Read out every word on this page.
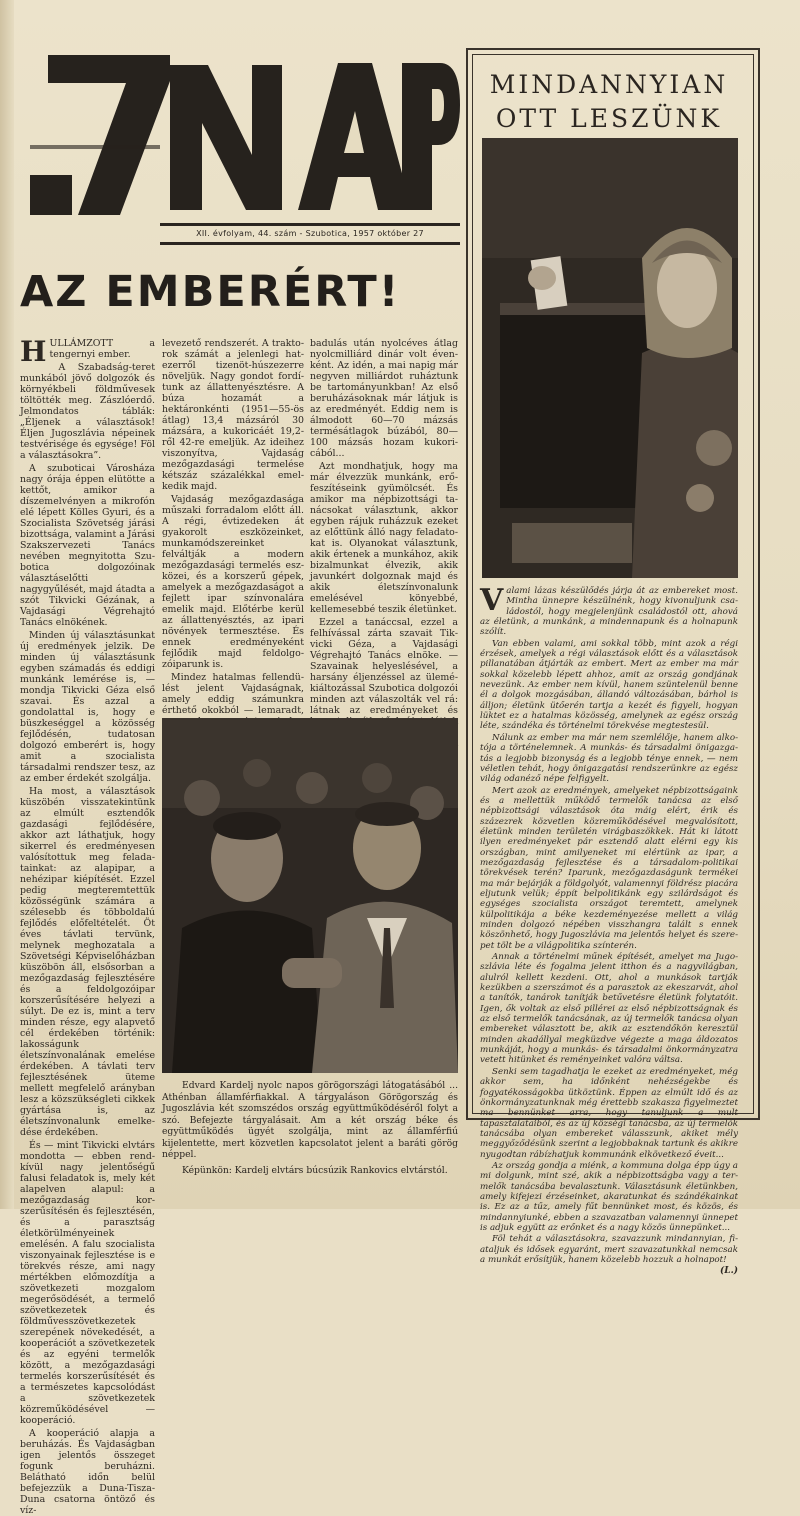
XII. évfolyam, 44. szám - Szubotica, 1957 október 27
AZ EMBERÉRT!

HULLÁMZOTT a tengernyi ember.

A Szabadság-teret munkából jövő dolgozók és környékbeli földművesek töltötték meg. Zászlóerdő. Jelmondatos táblák: „Éljenek a választások! Éljen Jugoszlávia népeinek testvérisége és egysége! Föl a választásokra”.

A szuboticai Városháza nagy órája éppen elütötte a kettőt, amikor a díszemelvényen a mikrofón elé lépett Kölles Gyuri, és a Szocialista Szövetség járási bizottsága, valamint a Járási Szakszervezeti Tanács nevében megnyitotta Szubotica dolgozóinak választáselőtti nagygyűlését, majd átadta a szót Tikvicki Gézának, a Vajdasági Végrehajtó Tanács elnökének.

Minden új választásunkat új eredmények jelzik. De minden új választásunk egyben számadás és eddigi munkánk lemérése is, — mondja Tikvicki Géza első szavai. És azzal a gondolattal is, hogy e büszkeséggel a közösség fejlődésén, tudatosan dolgozó emberért is, hogy amit a szocialista társadalmi rendszer tesz, az az ember érdekét szolgálja.

Ha most, a választások küszöbén visszatekintünk az elmúlt esztendők gazdasági fejlődésére, akkor azt láthatjuk, hogy sikerrel és eredményesen valósítottuk meg feladatainkat: az alapipar, a nehézipar kiépítését. Ezzel pedig megteremtettük közösségünk számára a szélesebb és többoldalú fejlődés előfeltételét. Öt éves távlati tervünk, melynek meghozatala a Szövetségi Képviselőházban küszöbön áll, elsősorban a mezőgazdaság fejlesztésére és a feldolgozóipar korszerűsítésére helyezi a súlyt. De ez is, mint a terv minden része, egy alapvető cél érdekében történik: lakosságunk életszínvonalának emelése érdekében. A távlati terv fejlesztésének üteme mellett megfelelő arányban lesz a közszükségleti cikkek gyártása is, az életszínvonalunk emelkedése érdekében.

És — mint Tikvicki elvtárs mondotta — ebben rendkívül nagy jelentőségű falusi feladatok is, mely két alapelven alapul: a mezőgazdaság korszerűsítésén és fejlesztésén, és a parasztság életkörülményeinek emelésén. A falu szocialista viszonyainak fejlesztése is e törekvés része, ami nagy mértékben előmozdítja a szövetkezeti mozgalom megerősödését, a termelő szövetkezetek és földművesszövetkezetek szerepének növekedését, a kooperációt a szövetkezetek és az egyéni termelők között, a mezőgazdasági termelés korszerűsítését és a természetes kapcsolódást a szövetkezetek közreműködésével — kooperáció.

A kooperáció alapja a beruházás. És Vajdaságban igen jelentős összeget fogunk beruházni. Belátható időn belül befejezzük a Duna-Tisza-Duna csatorna öntöző és víz-

levezető rendszerét. A traktorok számát a jelenlegi hatezerről tizenöt-húszezerre növeljük. Nagy gondot fordítunk az állattenyésztésre. A búza hozamát a hektáronkénti (1951—55-ös átlag) 13,4 mázsáról 30 mázsára, a kukoricáét 19,2-ről 42-re emeljük. Az ideihez viszonyítva, Vajdaság mezőgazdasági termelése kétszáz százalékkal emelkedik majd.

Vajdaság mezőgazdasága műszaki forradalom előtt áll. A régi, évtizedeken át gyakorolt eszközeinket, munkamódszereinket felváltják a modern mezőgazdasági termelés eszközei, és a korszerű gépek, amelyek a mezőgazdaságot a fejlett ipar színvonalára emelik majd. Előtérbe kerül az állattenyésztés, az ipari növények termesztése. És ennek eredményeként fejlődik majd feldolgozóiparunk is.

Mindez hatalmas fellendülést jelent Vajdaságnak, amely eddig számunkra érthető okokból — lemaradt,

badulás után nyolcéves átlag nyolcmilliárd dinár volt évenként. Az idén, a mai napig már negyven milliárdot ruháztunk be tartományunkban! Az első beruházásoknak már látjuk is az eredményét. Eddig nem is álmodott 60—70 mázsás termésátlagok búzából, 80—100 mázsás hozam kukoricából...

Azt mondhatjuk, hogy ma már élvezzük munkánk, erőfeszítéseink gyümölcsét. És amikor ma népbizottsági tanácsokat választunk, akkor egyben rájuk ruházzuk ezeket az előttünk álló nagy feladatokat is. Olyanokat választunk, akik értenek a munkához, akik bizalmunkat élvezik, akik javunkért dolgoznak majd és akik életszínvonalunk emelésével könyebbé, kellemesebbé teszik életünket.

Ezzel a tanáccsal, ezzel a felhívással zárta szavait Tikvicki Géza, a Vajdasági Végrehajtó Tanács elnöke. — Szavainak helyeslésével, a harsány éljenzéssel az ülemékiáltozással Szubotica dolgozói minden azt válaszolták vel rá: látnak az eredményeket és

Edvard Kardelj nyolc napos görögországi látogatásából ... Athénban államférfiakkal. A tárgyaláson Görögország és Jugoszlávia két szomszédos ország együttműködéséről folyt a szó. Befejezte tárgyalásait. Am a két ország béke és együttműködés ügyét szolgálja, mint az államférfiú kijelentette, mert közvetlen kapcsolatot jelent a baráti görög néppel.

Képünkön: Kardelj elvtárs búcsúzik Rankovics elvtárstól.

MINDANNYIAN
OTT LESZÜNK

Valami lázas készülődés járja át az embereket most. Mintha ünnepre készülnénk, hogy kivonuljunk családostól, hogy megjelenjünk családostól ott, ahová az életünk, a munkánk, a mindennapunk és a holnapunk szólít.

Van ebben valami, ami sokkal több, mint azok a régi érzések, amelyek a régi választások előtt és a választások pillanatában átjárták az embert. Mert az ember ma már sokkal közelebb lépett ahhoz, amit az ország gondjának nevezünk. Az ember nem kívül, hanem szüntelenül benne él a dolgok mozgásában, állandó változásában, bárhol is álljon; életünk ütőerén tartja a kezét és figyeli, hogyan lüktet ez a hatalmas közösség, amelynek az egész ország léte, szándéka és történelmi törekvése megtestesül.

Nálunk az ember ma már nem szemlélője, hanem alkotója a történelemnek. A munkás- és társadalmi önigazgatás a legjobb bizonyság és a legjobb ténye ennek, — nem véletlen tehát, hogy önigazgatási rendszerünkre az egész világ odanéző népe felfigyelt.

Mert azok az eredmények, amelyeket népbizottságaink és a mellettük működő termelők tanácsa az első népbizottsági választások óta máig elért, érik és százezrek közvetlen közreműködésével megvalósított, életünk minden területén virágbaszökkek. Hát ki látott ilyen eredményeket pár esztendő alatt elérni egy kis országban, mint amilyeneket mi elértünk az ipar, a mezőgazdaság fejlesztése és a társadalom-politikai törekvések terén? Iparunk, mezőgazdaságunk termékei ma már bejárják a földgolyót, valamennyi földrész piacára eljutunk velük; éppít belpolitikánk egy szilárdságot és egységes szocialista országot teremtett, amelynek külpolitikája a béke kezdeményezése mellett a világ minden dolgozó népében visszhangra talált s ennek köszönhető, hogy Jugoszlávia ma jelentős helyet és szerepet tölt be a világpolitika színterén.

Annak a történelmi műnek építését, amelyet ma Jugoszlávia léte és fogalma jelent itthon és a nagyvilágban, alulról kellett kezdeni. Ott, ahol a munkások tartják kezükben a szerszámot és a parasztok az ekeszarvát, ahol a tanítók, tanárok tanítják betűvetésre életünk folytatóit. Igen, ők voltak az első pillérei az első népbizottságnak és az első termelők tanácsának, az új termelők tanácsa olyan embereket választott be, akik az esztendőkön keresztül minden akadállyal megküzdve végezte a maga áldozatos munkáját, hogy a munkás- és társadalmi önkormányzatra vetett hitünket és reményeinket valóra váltsa.

Senki sem tagadhatja le ezeket az eredményeket, még akkor sem, ha időnként nehézségekbe és fogyatékosságokba ütköztünk. Éppen az elmúlt idő és az önkormányzatunknak még érettebb szakasza figyelmeztet ma bennünket arra, hogy tanuljunk a mult tapasztalataiból, és az új községi tanácsba, az új termelők tanácsába olyan embereket válasszunk, akiket mély meggyőződésünk szerint a legjobbaknak tartunk és akikre nyugodtan rábízhatjuk kommunánk elkövetkező éveit...

Az ország gondja a miénk, a kommuna dolga épp úgy a mi dolgunk, mint szé, akik a népbizottságba vagy a termelők tanácsába bevalasztunk. Választásunk életünkben, amely kifejezi érzéseinket, akaratunkat és szándékainkat is. Ez az a tűz, amely fűt bennünket most, és közös, és mindannyiunké, ebben a szavazatban valamennyi ünnepet is adjuk együtt az erőnket és a nagy közös ünnepünket...

Föl tehát a választásokra, szavazzunk mindannyian, fiataljuk és idősek egyaránt, mert szavazatunkkal nemcsak a munkát erősítjük, hanem közelebb hozzuk a holnapot!

(L.)
